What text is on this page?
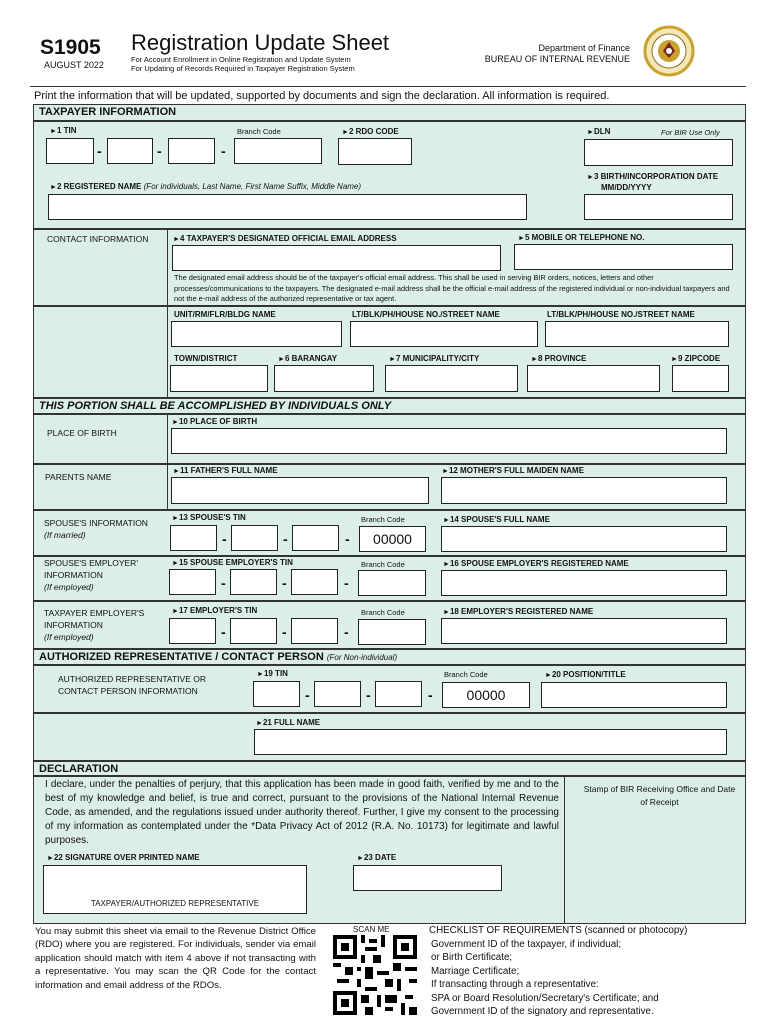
S1905
AUGUST 2022
Registration Update Sheet
For Account Enrollment in Online Registration and Update System
For Updating of Records Required in Taxpayer Registration System
Department of Finance
BUREAU OF INTERNAL REVENUE
Print the information that will be updated, supported by documents and sign the declaration. All information is required.
TAXPAYER INFORMATION
►1 TIN
-	-	-
Branch Code	►2 RDO CODE	►DLN	For BIR Use Only
►2 REGISTERED NAME (For individuals, Last Name, First Name Suffix, Middle Name)
►3 BIRTH/INCORPORATION DATE
MM/DD/YYYY
CONTACT INFORMATION	►4 TAXPAYER'S DESIGNATED OFFICIAL EMAIL ADDRESS	►5 MOBILE OR TELEPHONE NO.
The designated email address should be of the taxpayer's official email address. This shall be used in serving BIR orders, notices, letters and other processes/communications to the taxpayers. The designated e-mail address shall be the official e-mail address of the registered individual or non-individual taxpayers and not the e-mail address of the authorized representative or tax agent.
UNIT/RM/FLR/BLDG NAME	LT/BLK/PH/HOUSE NO./STREET NAME	LT/BLK/PH/HOUSE NO./STREET NAME
TOWN/DISTRICT	►6 BARANGAY	►7 MUNICIPALITY/CITY	►8 PROVINCE	►9 ZIPCODE
THIS PORTION SHALL BE ACCOMPLISHED BY INDIVIDUALS ONLY
PLACE OF BIRTH
►10 PLACE OF BIRTH
PARENTS NAME
►11 FATHER'S FULL NAME	►12 MOTHER'S FULL MAIDEN NAME
SPOUSE'S INFORMATION
(If married)
►13 SPOUSE'S TIN
-	-	-
Branch Code
00000
►14 SPOUSE'S FULL NAME
SPOUSE'S EMPLOYER'
INFORMATION
(If employed)
►15 SPOUSE EMPLOYER'S TIN
-	-	-
Branch Code	►16 SPOUSE EMPLOYER'S REGISTERED NAME
TAXPAYER EMPLOYER'S
INFORMATION
(If employed)
►17 EMPLOYER'S TIN
-	-	-
Branch Code	►18 EMPLOYER'S REGISTERED NAME
AUTHORIZED REPRESENTATIVE / CONTACT PERSON (For Non-individual)
AUTHORIZED REPRESENTATIVE OR
CONTACT PERSON INFORMATION
►19 TIN
-	-	-
Branch Code
00000
►20 POSITION/TITLE
►21 FULL NAME
DECLARATION
I declare, under the penalties of perjury, that this application has been made in good faith, verified by me and to the best of my knowledge and belief, is true and correct, pursuant to the provisions of the National Internal Revenue Code, as amended, and the regulations issued under authority thereof. Further, I give my consent to the processing of my information as contemplated under the *Data Privacy Act of 2012 (R.A. No. 10173) for legitimate and lawful purposes.
Stamp of BIR Receiving Office and Date of Receipt
►22 SIGNATURE OVER PRINTED NAME
TAXPAYER/AUTHORIZED REPRESENTATIVE
►23 DATE
You may submit this sheet via email to the Revenue District Office (RDO) where you are registered. For individuals, sender via email application should match with item 4 above if not transacting with a representative. You may scan the QR Code for the contact information and email address of the RDOs.
SCAN ME	CHECKLIST OF REQUIREMENTS (scanned or photocopy)
Government ID of the taxpayer, if individual;
or Birth Certificate;
Marriage Certificate;
If transacting through a representative:
SPA or Board Resolution/Secretary's Certificate; and
Government ID of the signatory and representative.
